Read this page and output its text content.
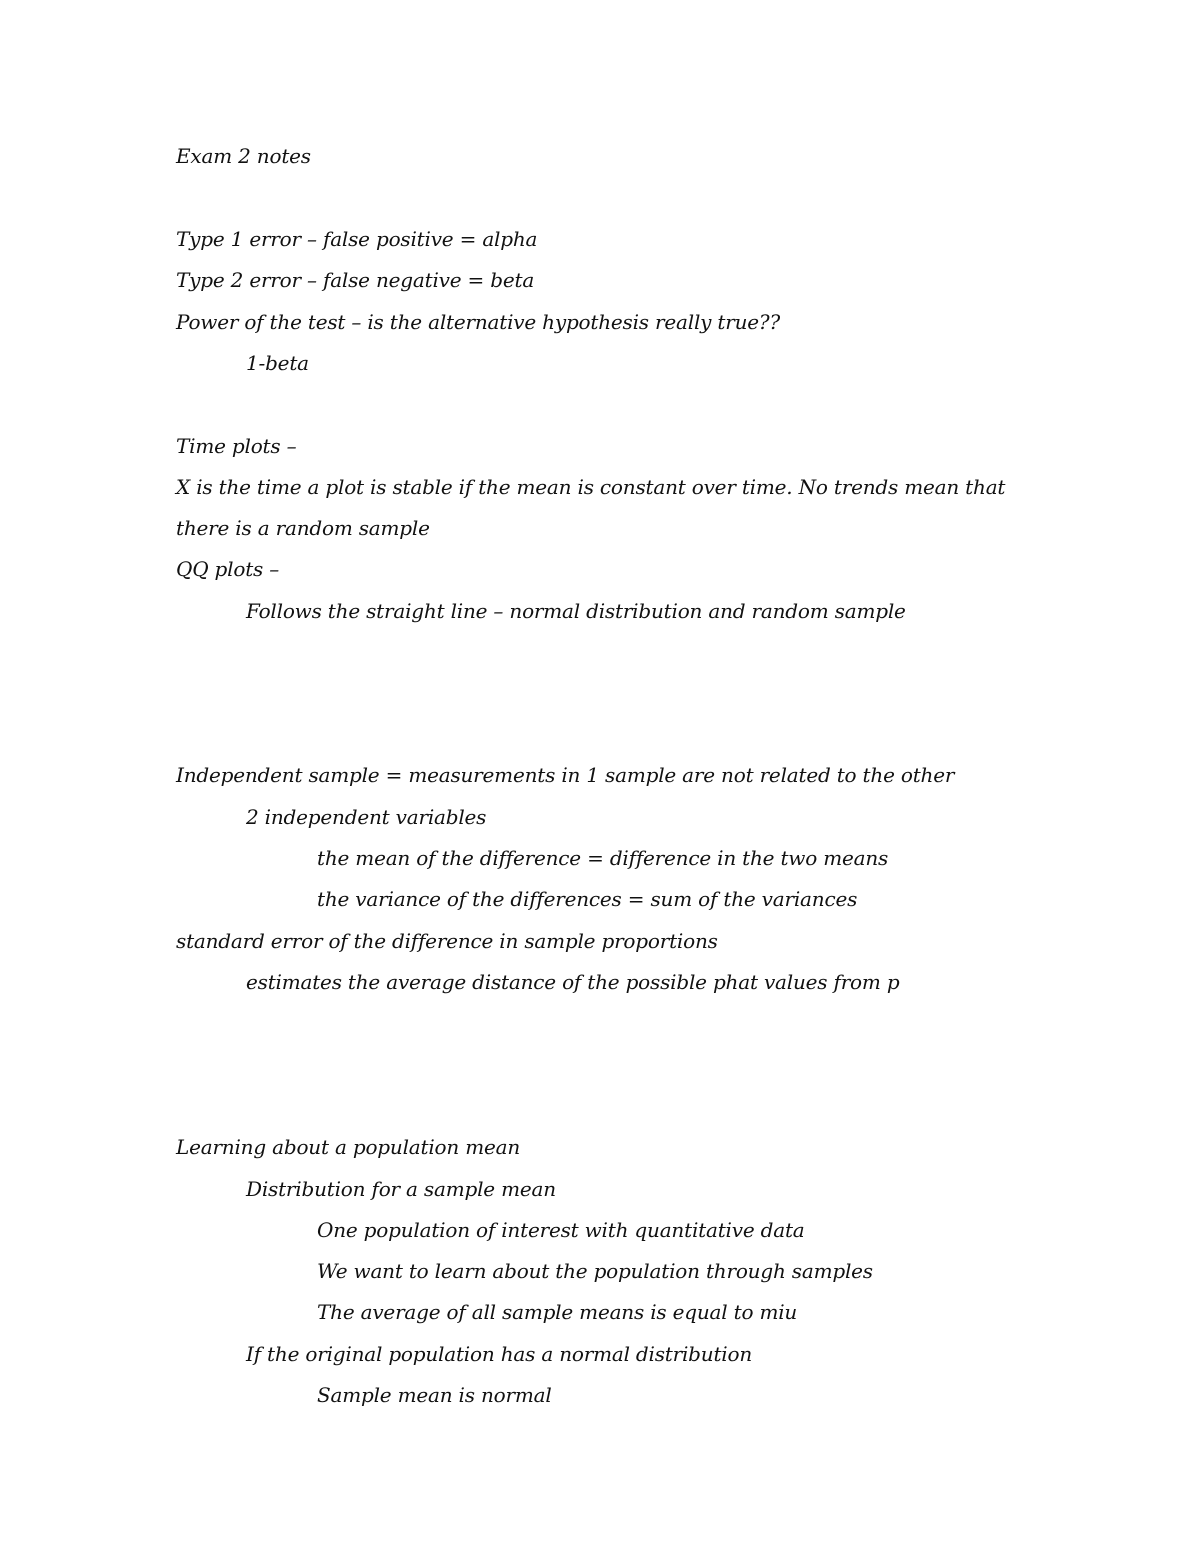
Exam 2 notes
Type 1 error – false positive = alpha
Type 2 error – false negative = beta
Power of the test – is the alternative hypothesis really true??
1-beta
Time plots –
X is the time a plot is stable if the mean is constant over time. No trends mean that
there is a random sample
QQ plots –
Follows the straight line – normal distribution and random sample
Independent sample = measurements in 1 sample are not related to the other
2 independent variables
the mean of the difference = difference in the two means
the variance of the differences = sum of the variances
standard error of the difference in sample proportions
estimates the average distance of the possible phat values from p
Learning about a population mean
Distribution for a sample mean
One population of interest with quantitative data
We want to learn about the population through samples
The average of all sample means is equal to miu
If the original population has a normal distribution
Sample mean is normal
